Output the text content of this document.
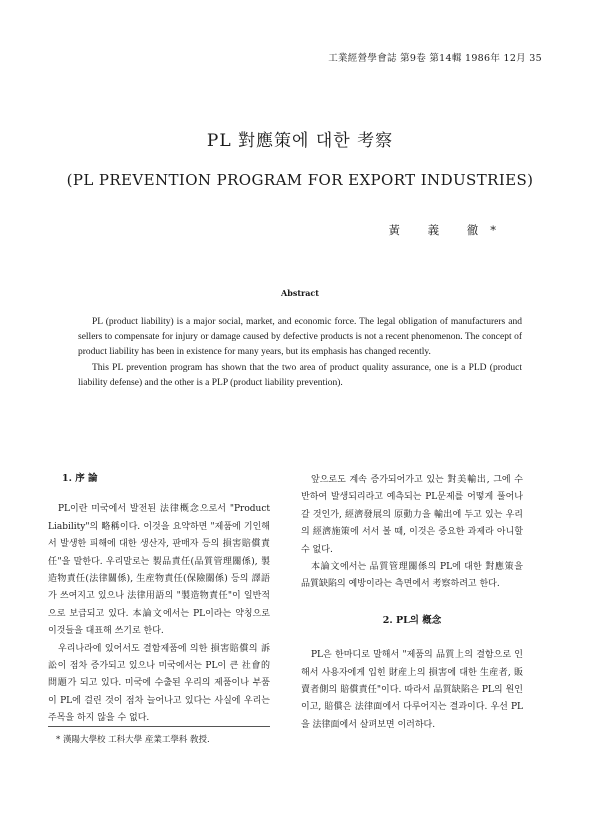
工業經營學會誌 第9卷 第14輯 1986年 12月 35
PL 對應策에 대한 考察
(PL PREVENTION PROGRAM FOR EXPORT INDUSTRIES)
黃 義 徹*
Abstract

PL (product liability) is a major social, market, and economic force. The legal obligation of manufacturers and sellers to compensate for injury or damage caused by defective products is not a recent phenomenon. The concept of product liability has been in existence for many years, but its emphasis has changed recently.

This PL prevention program has shown that the two area of product quality assurance, one is a PLD (product liability defense) and the other is a PLP (product liability prevention).

1. 序 論

PL이란 미국에서 발전된 法律概念으로서 "Product Liability"의 略稱이다. 이것을 요약하면 "제품에 기인해서 발생한 피해에 대한 생산자, 판매자 등의 損害賠償責任"을 말한다. 우리말로는 製品責任(品質管理關係), 製造物責任(法律關係), 生産物責任(保險關係) 등의 譯語가 쓰여지고 있으나 法律用語의 "製造物責任"이 일반적으로 보급되고 있다. 本論文에서는 PL이라는 약칭으로 이것들을 대표해 쓰기로 한다.

우리나라에 있어서도 결함제품에 의한 損害賠償의 訴訟이 점차 증가되고 있으나 미국에서는 PL이 큰 社會的問題가 되고 있다. 미국에 수출된 우리의 제품이나 부품이 PL에 걸린 것이 점차 늘어나고 있다는 사실에 우리는 주목을 하지 않을 수 없다.

앞으로도 계속 증가되어가고 있는 對美輸出, 그에 수반하여 발생되리라고 예측되는 PL문제를 어떻게 풀어나갈 것인가, 經濟發展의 原動力을 輸出에 두고 있는 우리의 經濟施策에 서서 볼 때, 이것은 중요한 과제라 아니할 수 없다.

本論文에서는 品質管理關係의 PL에 대한 對應策을 品質缺陷의 예방이라는 측면에서 考察하려고 한다.

2. PL의 槪念

PL은 한마디로 말해서 "제품의 品質上의 결함으로 인해서 사용자에게 입힌 財産上의 損害에 대한 生産者, 販賣者側의 賠償責任"이다. 따라서 品質缺陷은 PL의 원인이고, 賠償은 法律面에서 다루어지는 결과이다. 우선 PL을 法律面에서 살펴보면 이러하다.

* 漢陽大學校 工科大學 産業工學科 敎授.
